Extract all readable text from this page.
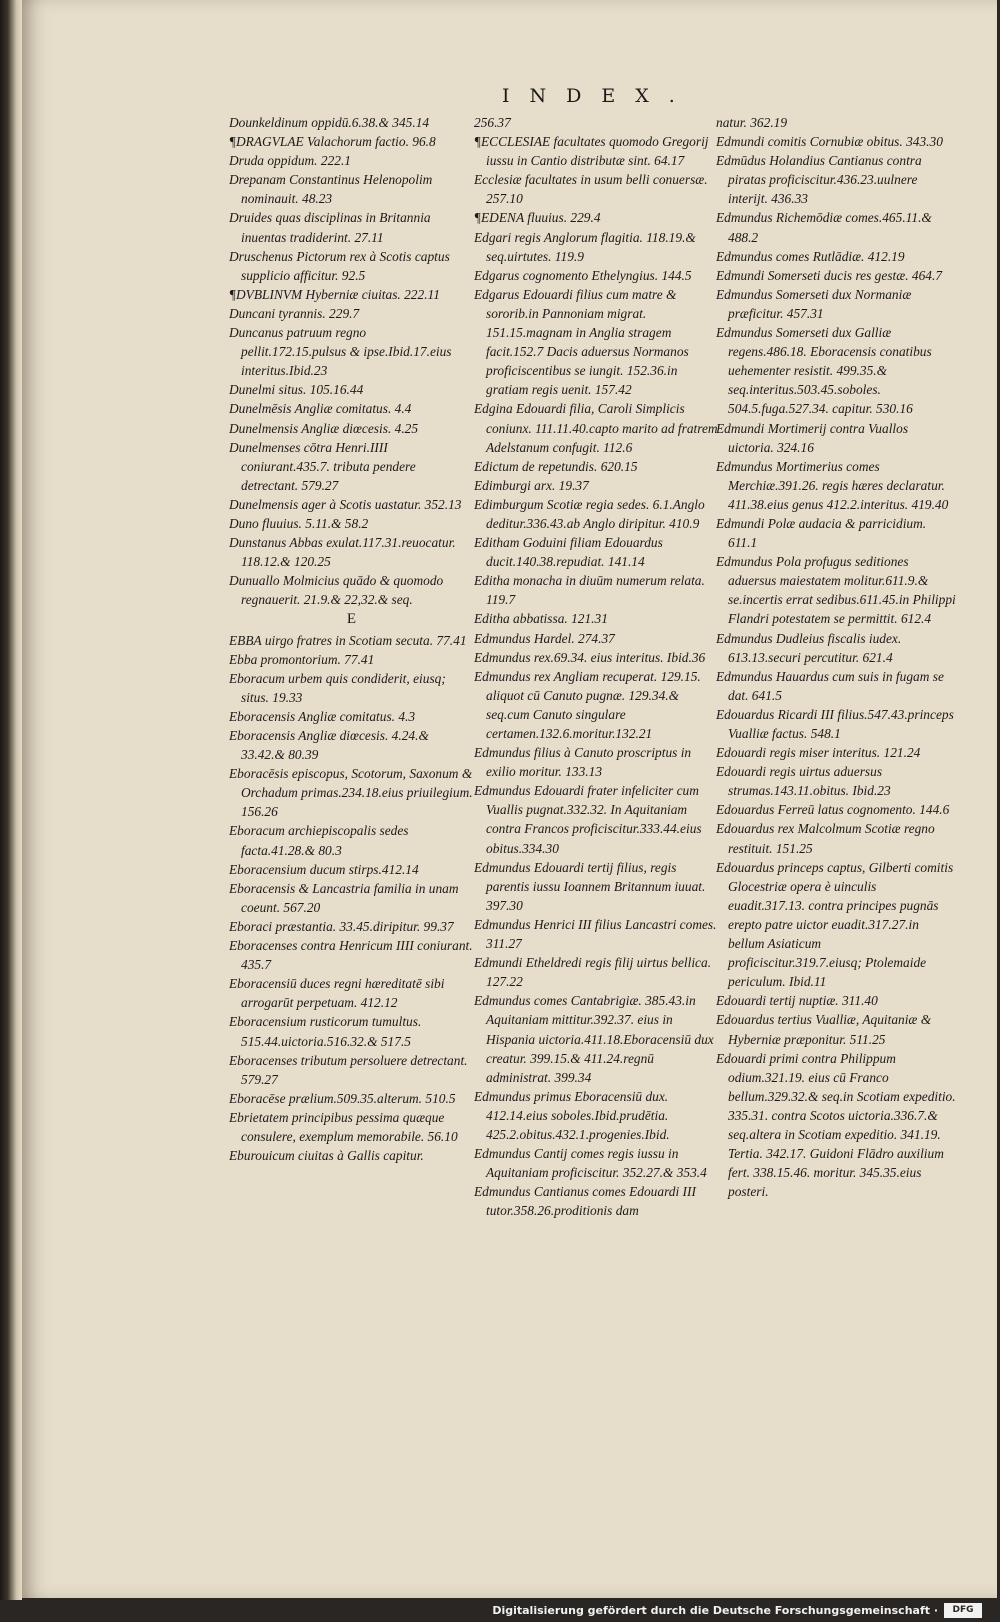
INDEX.

Dounkeldinum oppidū.6.38.& 345.14

¶DRAGVLAE Valachorum factio. 96.8

Druda oppidum. 222.1

Drepanam Constantinus Helenopolim nominauit. 48.23

Druides quas disciplinas in Britannia inuentas tradiderint. 27.11

Druschenus Pictorum rex à Scotis captus supplicio afficitur. 92.5

¶DVBLINVM Hyberniæ ciuitas. 222.11

Duncani tyrannis. 229.7

Duncanus patruum regno pellit.172.15.pulsus & ipse.Ibid.17.eius interitus.Ibid.23

Dunelmi situs. 105.16.44

Dunelmēsis Angliæ comitatus. 4.4

Dunelmensis Angliæ diœcesis. 4.25

Dunelmenses cōtra Henri.IIII coniurant.435.7. tributa pendere detrectant. 579.27

Dunelmensis ager à Scotis uastatur. 352.13

Duno fluuius. 5.11.& 58.2

Dunstanus Abbas exulat.117.31.reuocatur. 118.12.& 120.25

Dunuallo Molmicius quādo & quomodo regnauerit. 21.9.& 22,32.& seq.

E

EBBA uirgo fratres in Scotiam secuta. 77.41

Ebba promontorium. 77.41

Eboracum urbem quis condiderit, eiusq; situs. 19.33

Eboracensis Angliæ comitatus. 4.3

Eboracensis Angliæ diœcesis. 4.24.& 33.42.& 80.39

Eboracēsis episcopus, Scotorum, Saxonum & Orchadum primas.234.18.eius priuilegium. 156.26

Eboracum archiepiscopalis sedes facta.41.28.& 80.3

Eboracensium ducum stirps.412.14

Eboracensis & Lancastria familia in unam coeunt. 567.20

Eboraci præstantia. 33.45.diripitur. 99.37

Eboracenses contra Henricum IIII coniurant. 435.7

Eboracensiū duces regni hæreditatē sibi arrogarūt perpetuam. 412.12

Eboracensium rusticorum tumultus. 515.44.uictoria.516.32.& 517.5

Eboracenses tributum persoluere detrectant. 579.27

Eboracēse prælium.509.35.alterum. 510.5

Ebrietatem principibus pessima quæque consulere, exemplum memorabile. 56.10

Eburouicum ciuitas à Gallis capitur.

256.37

¶ECCLESIAE facultates quomodo Gregorij iussu in Cantio distributæ sint. 64.17

Ecclesiæ facultates in usum belli conuersæ. 257.10

¶EDENA fluuius. 229.4

Edgari regis Anglorum flagitia. 118.19.& seq.uirtutes. 119.9

Edgarus cognomento Ethelyngius. 144.5

Edgarus Edouardi filius cum matre & sororib.in Pannoniam migrat. 151.15.magnam in Anglia stragem facit.152.7 Dacis aduersus Normanos proficiscentibus se iungit. 152.36.in gratiam regis uenit. 157.42

Edgina Edouardi filia, Caroli Simplicis coniunx. 111.11.40.capto marito ad fratrem Adelstanum confugit. 112.6

Edictum de repetundis. 620.15

Edimburgi arx. 19.37

Edimburgum Scotiæ regia sedes. 6.1.Anglo deditur.336.43.ab Anglo diripitur. 410.9

Editham Goduini filiam Edouardus ducit.140.38.repudiat. 141.14

Editha monacha in diuūm numerum relata. 119.7

Editha abbatissa. 121.31

Edmundus Hardel. 274.37

Edmundus rex.69.34. eius interitus. Ibid.36

Edmundus rex Angliam recuperat. 129.15. aliquot cū Canuto pugnæ. 129.34.& seq.cum Canuto singulare certamen.132.6.moritur.132.21

Edmundus filius à Canuto proscriptus in exilio moritur. 133.13

Edmundus Edouardi frater infeliciter cum Vuallis pugnat.332.32. In Aquitaniam contra Francos proficiscitur.333.44.eius obitus.334.30

Edmundus Edouardi tertij filius, regis parentis iussu Ioannem Britannum iuuat. 397.30

Edmundus Henrici III filius Lancastri comes. 311.27

Edmundi Etheldredi regis filij uirtus bellica. 127.22

Edmundus comes Cantabrigiæ. 385.43.in Aquitaniam mittitur.392.37. eius in Hispania uictoria.411.18.Eboracensiū dux creatur. 399.15.& 411.24.regnū administrat. 399.34

Edmundus primus Eboracensiū dux. 412.14.eius soboles.Ibid.prudētia. 425.2.obitus.432.1.progenies.Ibid.

Edmundus Cantij comes regis iussu in Aquitaniam proficiscitur. 352.27.& 353.4

Edmundus Cantianus comes Edouardi III tutor.358.26.proditionis dam

natur. 362.19

Edmundi comitis Cornubiæ obitus. 343.30

Edmūdus Holandius Cantianus contra piratas proficiscitur.436.23.uulnere interijt. 436.33

Edmundus Richemōdiæ comes.465.11.& 488.2

Edmundus comes Rutlādiæ. 412.19

Edmundi Somerseti ducis res gestæ. 464.7

Edmundus Somerseti dux Normaniæ præficitur. 457.31

Edmundus Somerseti dux Galliæ regens.486.18. Eboracensis conatibus uehementer resistit. 499.35.& seq.interitus.503.45.soboles. 504.5.fuga.527.34. capitur. 530.16

Edmundi Mortimerij contra Vuallos uictoria. 324.16

Edmundus Mortimerius comes Merchiæ.391.26. regis hæres declaratur. 411.38.eius genus 412.2.interitus. 419.40

Edmundi Polæ audacia & parricidium. 611.1

Edmundus Pola profugus seditiones aduersus maiestatem molitur.611.9.& se.incertis errat sedibus.611.45.in Philippi Flandri potestatem se permittit. 612.4

Edmundus Dudleius fiscalis iudex. 613.13.securi percutitur. 621.4

Edmundus Hauardus cum suis in fugam se dat. 641.5

Edouardus Ricardi III filius.547.43.princeps Vualliæ factus. 548.1

Edouardi regis miser interitus. 121.24

Edouardi regis uirtus aduersus strumas.143.11.obitus. Ibid.23

Edouardus Ferreū latus cognomento. 144.6

Edouardus rex Malcolmum Scotiæ regno restituit. 151.25

Edouardus princeps captus, Gilberti comitis Glocestriæ opera è uinculis euadit.317.13. contra principes pugnās erepto patre uictor euadit.317.27.in bellum Asiaticum proficiscitur.319.7.eiusq; Ptolemaide periculum. Ibid.11

Edouardi tertij nuptiæ. 311.40

Edouardus tertius Vualliæ, Aquitaniæ & Hyberniæ præponitur. 511.25

Edouardi primi contra Philippum odium.321.19. eius cū Franco bellum.329.32.& seq.in Scotiam expeditio. 335.31. contra Scotos uictoria.336.7.& seq.altera in Scotiam expeditio. 341.19. Tertia. 342.17. Guidoni Flādro auxilium fert. 338.15.46. moritur. 345.35.eius posteri.

Digitalisierung gefördert durch die Deutsche Forschungsgemeinschaft ·	DFG
